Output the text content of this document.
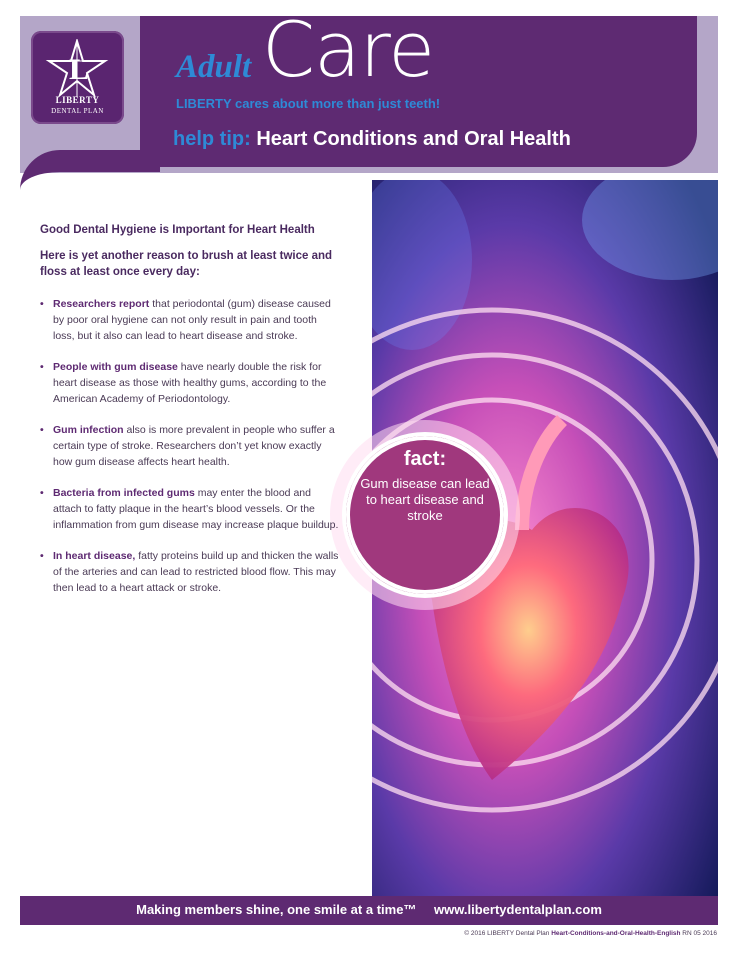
L
LIBERTY
DENTAL PLAN
Care
Adult
LIBERTY cares about more than just teeth!
help tip: Heart Conditions and Oral Health
fact:
Gum disease can lead to heart disease and stroke
Good Dental Hygiene is Important for Heart Health
Here is yet another reason to brush at least twice and floss at least once every day:
• Researchers report that periodontal (gum) disease caused by poor oral hygiene can not only result in pain and tooth loss, but it also can lead to heart disease and stroke.
• People with gum disease have nearly double the risk for heart disease as those with healthy gums, according to the American Academy of Periodontology.
• Gum infection also is more prevalent in people who suffer a certain type of stroke. Researchers don’t yet know exactly how gum disease affects heart health.
• Bacteria from infected gums may enter the blood and attach to fatty plaque in the heart’s blood vessels. Or the inflammation from gum disease may increase plaque buildup.
• In heart disease, fatty proteins build up and thicken the walls of the arteries and can lead to restricted blood flow. This may then lead to a heart attack or stroke.
Making members shine, one smile at a time™ www.libertydentalplan.com
© 2016 LIBERTY Dental Plan Heart-Conditions-and-Oral-Health-English RN 05 2016
